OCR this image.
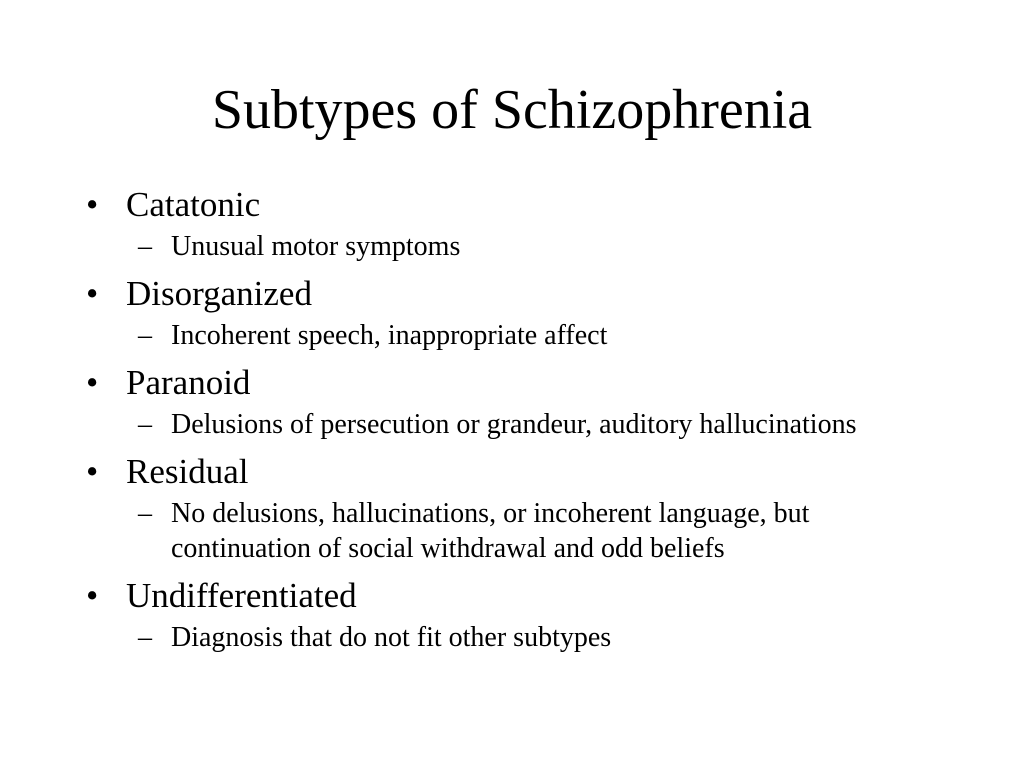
Subtypes of Schizophrenia
• Catatonic
– Unusual motor symptoms
• Disorganized
– Incoherent speech, inappropriate affect
• Paranoid
– Delusions of persecution or grandeur, auditory hallucinations
• Residual
– No delusions, hallucinations, or incoherent language, but continuation of social withdrawal and odd beliefs
• Undifferentiated
– Diagnosis that do not fit other subtypes
